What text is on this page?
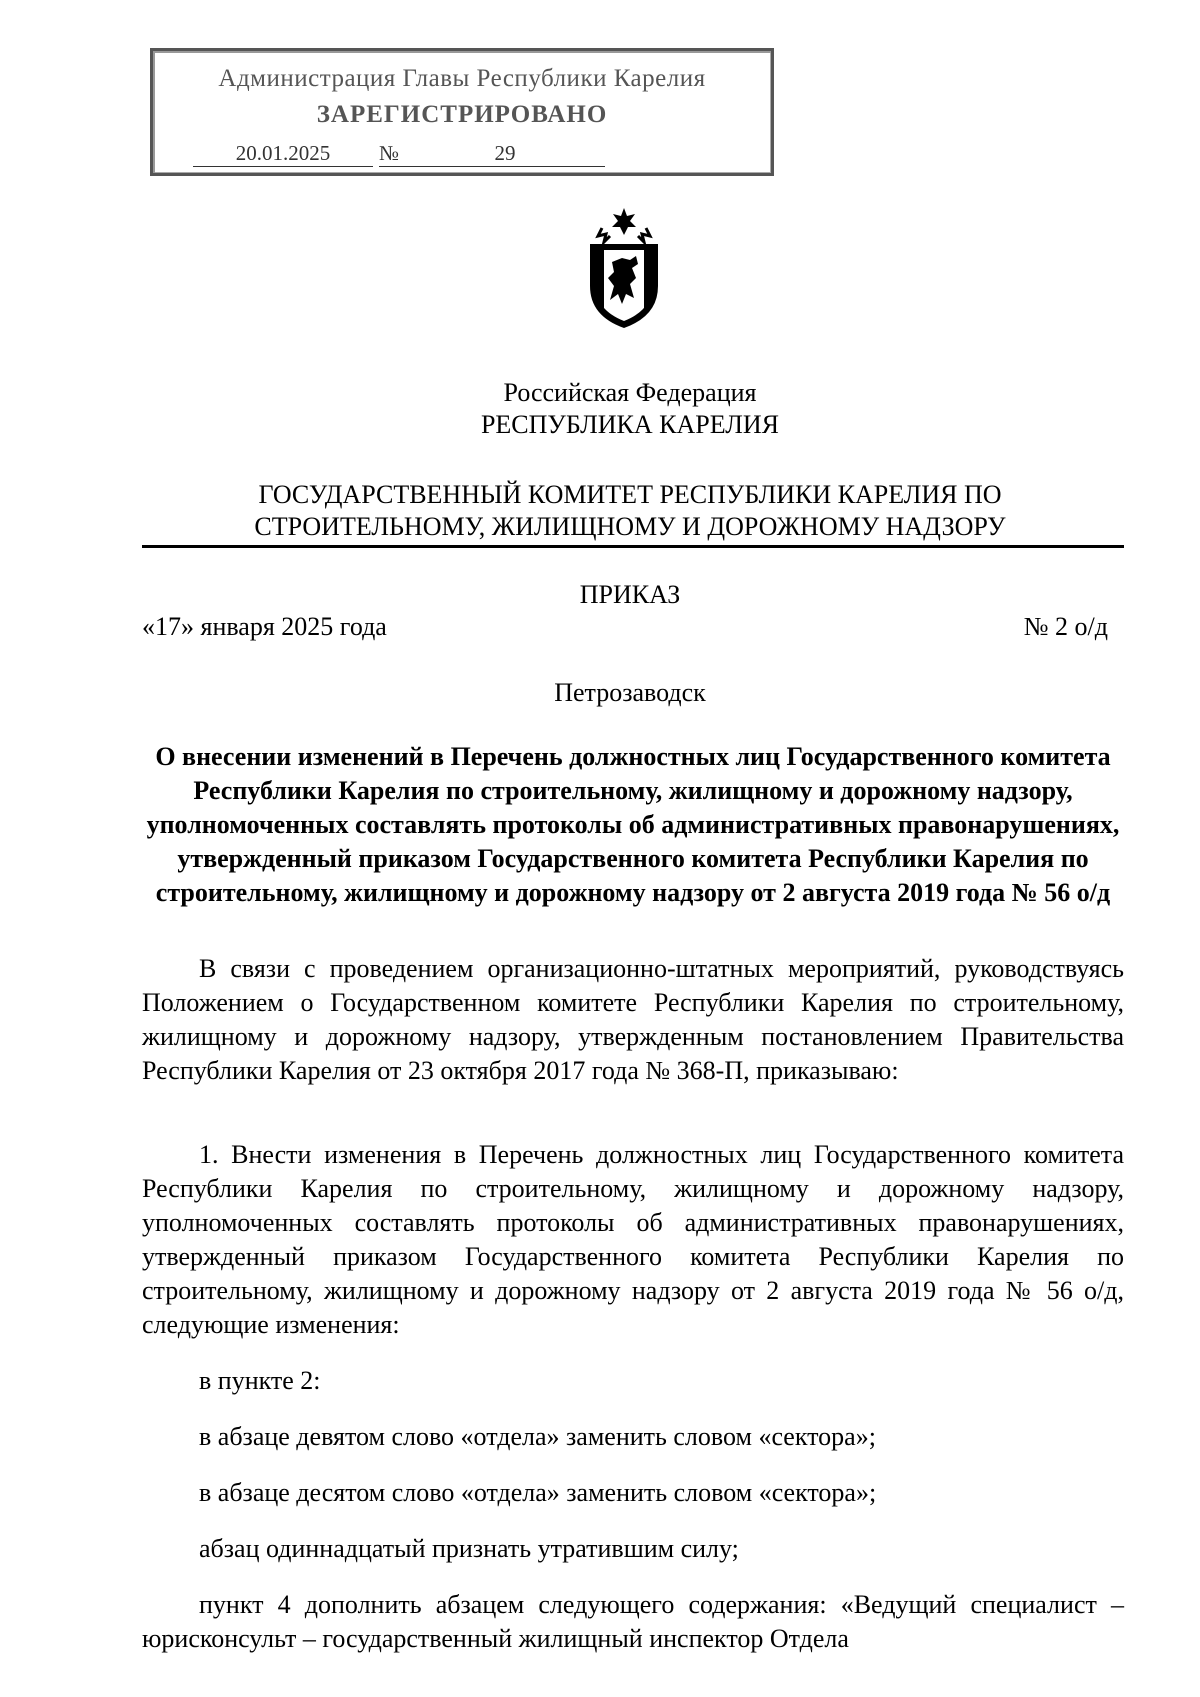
Администрация Главы Республики Карелия
ЗАРЕГИСТРИРОВАНО
20.01.2025	№	29
Российская Федерация
РЕСПУБЛИКА КАРЕЛИЯ
ГОСУДАРСТВЕННЫЙ КОМИТЕТ РЕСПУБЛИКИ КАРЕЛИЯ ПО
СТРОИТЕЛЬНОМУ, ЖИЛИЩНОМУ И ДОРОЖНОМУ НАДЗОРУ
ПРИКАЗ
«17» января 2025 года	№ 2 о/д
Петрозаводск
О внесении изменений в Перечень должностных лиц Государственного комитета Республики Карелия по строительному, жилищному и дорожному надзору, уполномоченных составлять протоколы об административных правонарушениях, утвержденный приказом Государственного комитета Республики Карелия по строительному, жилищному и дорожному надзору от 2 августа 2019 года № 56 о/д
В связи с проведением организационно-штатных мероприятий, руководствуясь Положением о Государственном комитете Республики Карелия по строительному, жилищному и дорожному надзору, утвержденным постановлением Правительства Республики Карелия от 23 октября 2017 года № 368-П, приказываю:
1. Внести изменения в Перечень должностных лиц Государственного комитета Республики Карелия по строительному, жилищному и дорожному надзору, уполномоченных составлять протоколы об административных правонарушениях, утвержденный приказом Государственного комитета Республики Карелия по строительному, жилищному и дорожному надзору от 2 августа 2019 года № 56 о/д, следующие изменения:
в пункте 2:
в абзаце девятом слово «отдела» заменить словом «сектора»;
в абзаце десятом слово «отдела» заменить словом «сектора»;
абзац одиннадцатый признать утратившим силу;
пункт 4 дополнить абзацем следующего содержания: «Ведущий специалист – юрисконсульт – государственный жилищный инспектор Отдела
